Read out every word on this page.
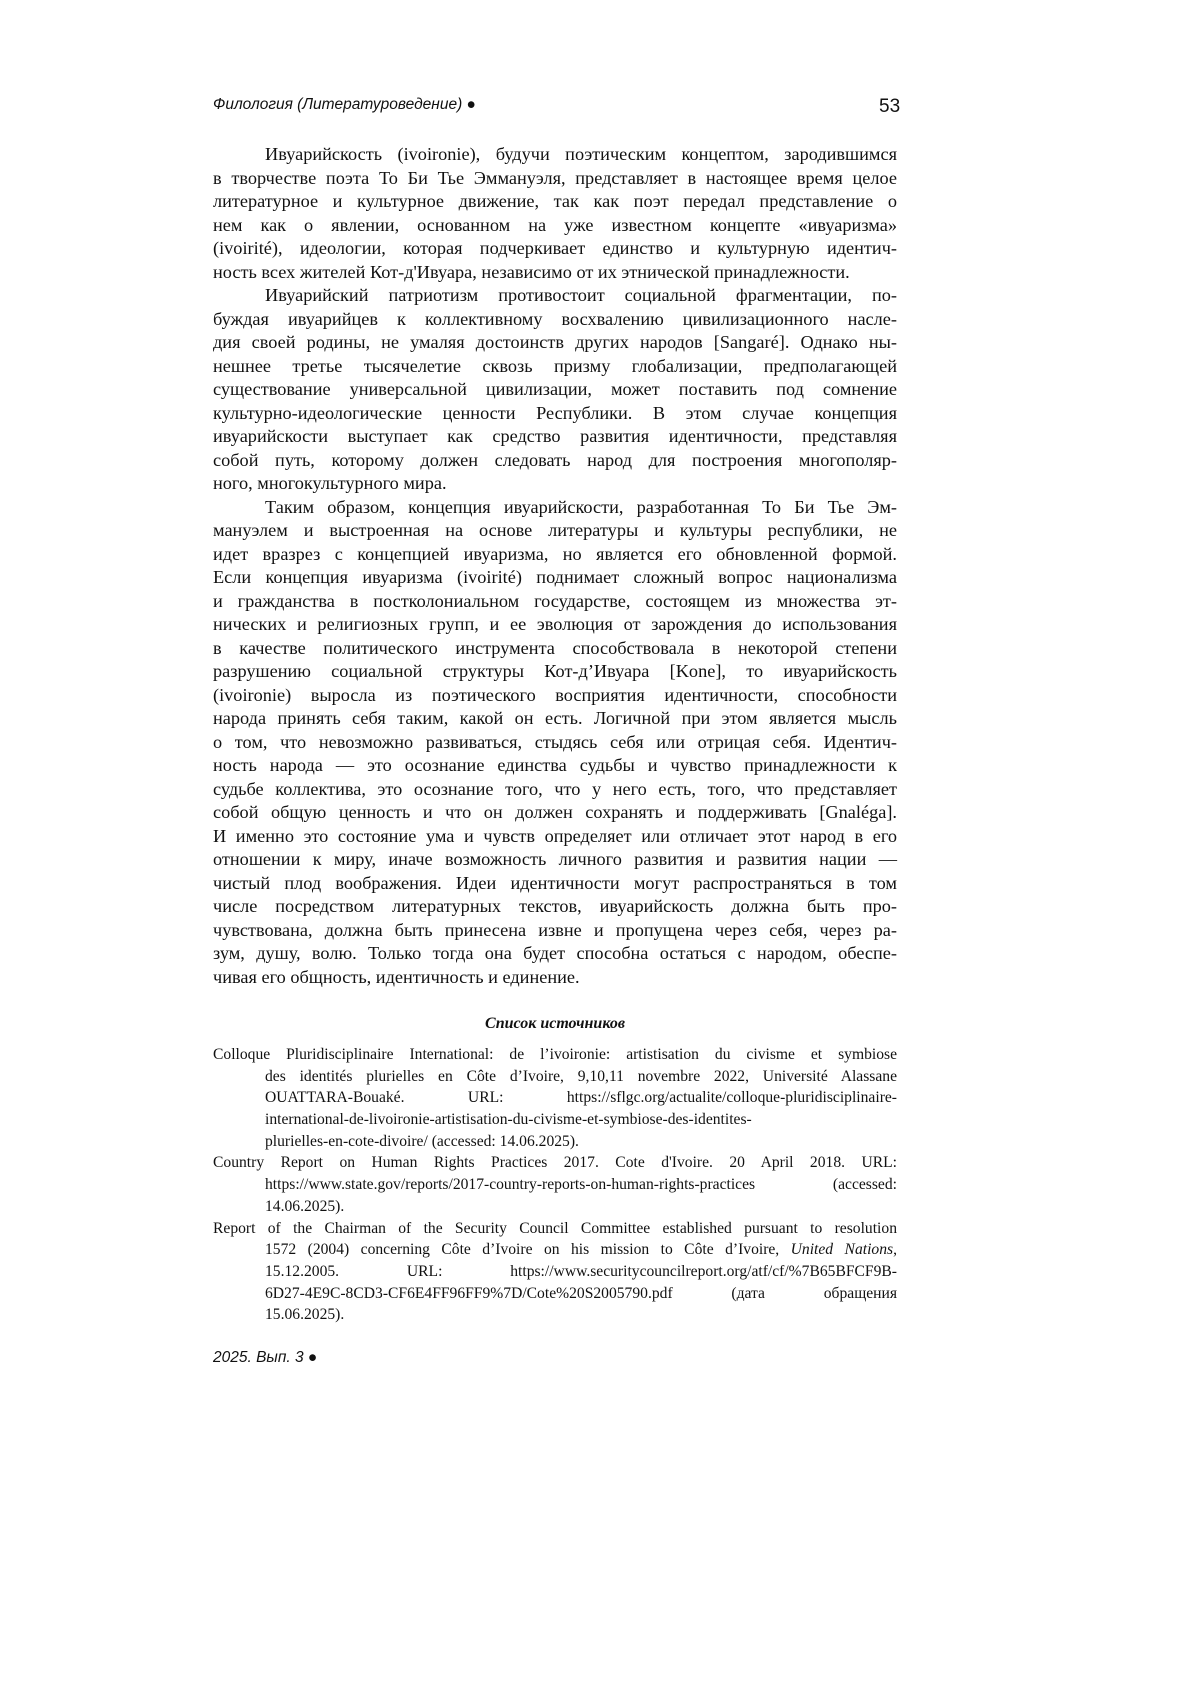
Филология (Литературоведение) ●	53
Ивуарийскость (ivoironie), будучи поэтическим концептом, зародившимся
в творчестве поэта То Би Тье Эммануэля, представляет в настоящее время целое
литературное и культурное движение, так как поэт передал представление о
нем как о явлении, основанном на уже известном концепте «ивуаризма»
(ivoirité), идеологии, которая подчеркивает единство и культурную идентич-
ность всех жителей Кот-д'Ивуара, независимо от их этнической принадлежности.
Ивуарийский патриотизм противостоит социальной фрагментации, по-
буждая ивуарийцев к коллективному восхвалению цивилизационного насле-
дия своей родины, не умаляя достоинств других народов [Sangaré]. Однако ны-
нешнее третье тысячелетие сквозь призму глобализации, предполагающей
существование универсальной цивилизации, может поставить под сомнение
культурно-идеологические ценности Республики. В этом случае концепция
ивуарийскости выступает как средство развития идентичности, представляя
собой путь, которому должен следовать народ для построения многополяр-
ного, многокультурного мира.
Таким образом, концепция ивуарийскости, разработанная То Би Тье Эм-
мануэлем и выстроенная на основе литературы и культуры республики, не
идет вразрез с концепцией ивуаризма, но является его обновленной формой.
Если концепция ивуаризма (ivoirité) поднимает сложный вопрос национализма
и гражданства в постколониальном государстве, состоящем из множества эт-
нических и религиозных групп, и ее эволюция от зарождения до использования
в качестве политического инструмента способствовала в некоторой степени
разрушению социальной структуры Кот-д’Ивуара [Kone], то ивуарийскость
(ivoironie) выросла из поэтического восприятия идентичности, способности
народа принять себя таким, какой он есть. Логичной при этом является мысль
о том, что невозможно развиваться, стыдясь себя или отрицая себя. Идентич-
ность народа — это осознание единства судьбы и чувство принадлежности к
судьбе коллектива, это осознание того, что у него есть, того, что представляет
собой общую ценность и что он должен сохранять и поддерживать [Gnaléga].
И именно это состояние ума и чувств определяет или отличает этот народ в его
отношении к миру, иначе возможность личного развития и развития нации —
чистый плод воображения. Идеи идентичности могут распространяться в том
числе посредством литературных текстов, ивуарийскость должна быть про-
чувствована, должна быть принесена извне и пропущена через себя, через ра-
зум, душу, волю. Только тогда она будет способна остаться с народом, обеспе-
чивая его общность, идентичность и единение.
Список источников
Colloque Pluridisciplinaire International: de l’ivoironie: artistisation du civisme et symbiose
des identités plurielles en Côte d’Ivoire, 9,10,11 novembre 2022, Université Alassane
OUATTARA-Bouaké. URL: https://sflgc.org/actualite/colloque-pluridisciplinaire-
international-de-livoironie-artistisation-du-civisme-et-symbiose-des-identites-
plurielles-en-cote-divoire/ (accessed: 14.06.2025).
Country Report on Human Rights Practices 2017. Cote d'Ivoire. 20 April 2018. URL:
https://www.state.gov/reports/2017-country-reports-on-human-rights-practices (accessed:
14.06.2025).
Report of the Chairman of the Security Council Committee established pursuant to resolution
1572 (2004) concerning Côte d’Ivoire on his mission to Côte d’Ivoire, United Nations,
15.12.2005. URL: https://www.securitycouncilreport.org/atf/cf/%7B65BFCF9B-
6D27-4E9C-8CD3-CF6E4FF96FF9%7D/Cote%20S2005790.pdf (дата обращения
15.06.2025).
2025. Вып. 3 ●
